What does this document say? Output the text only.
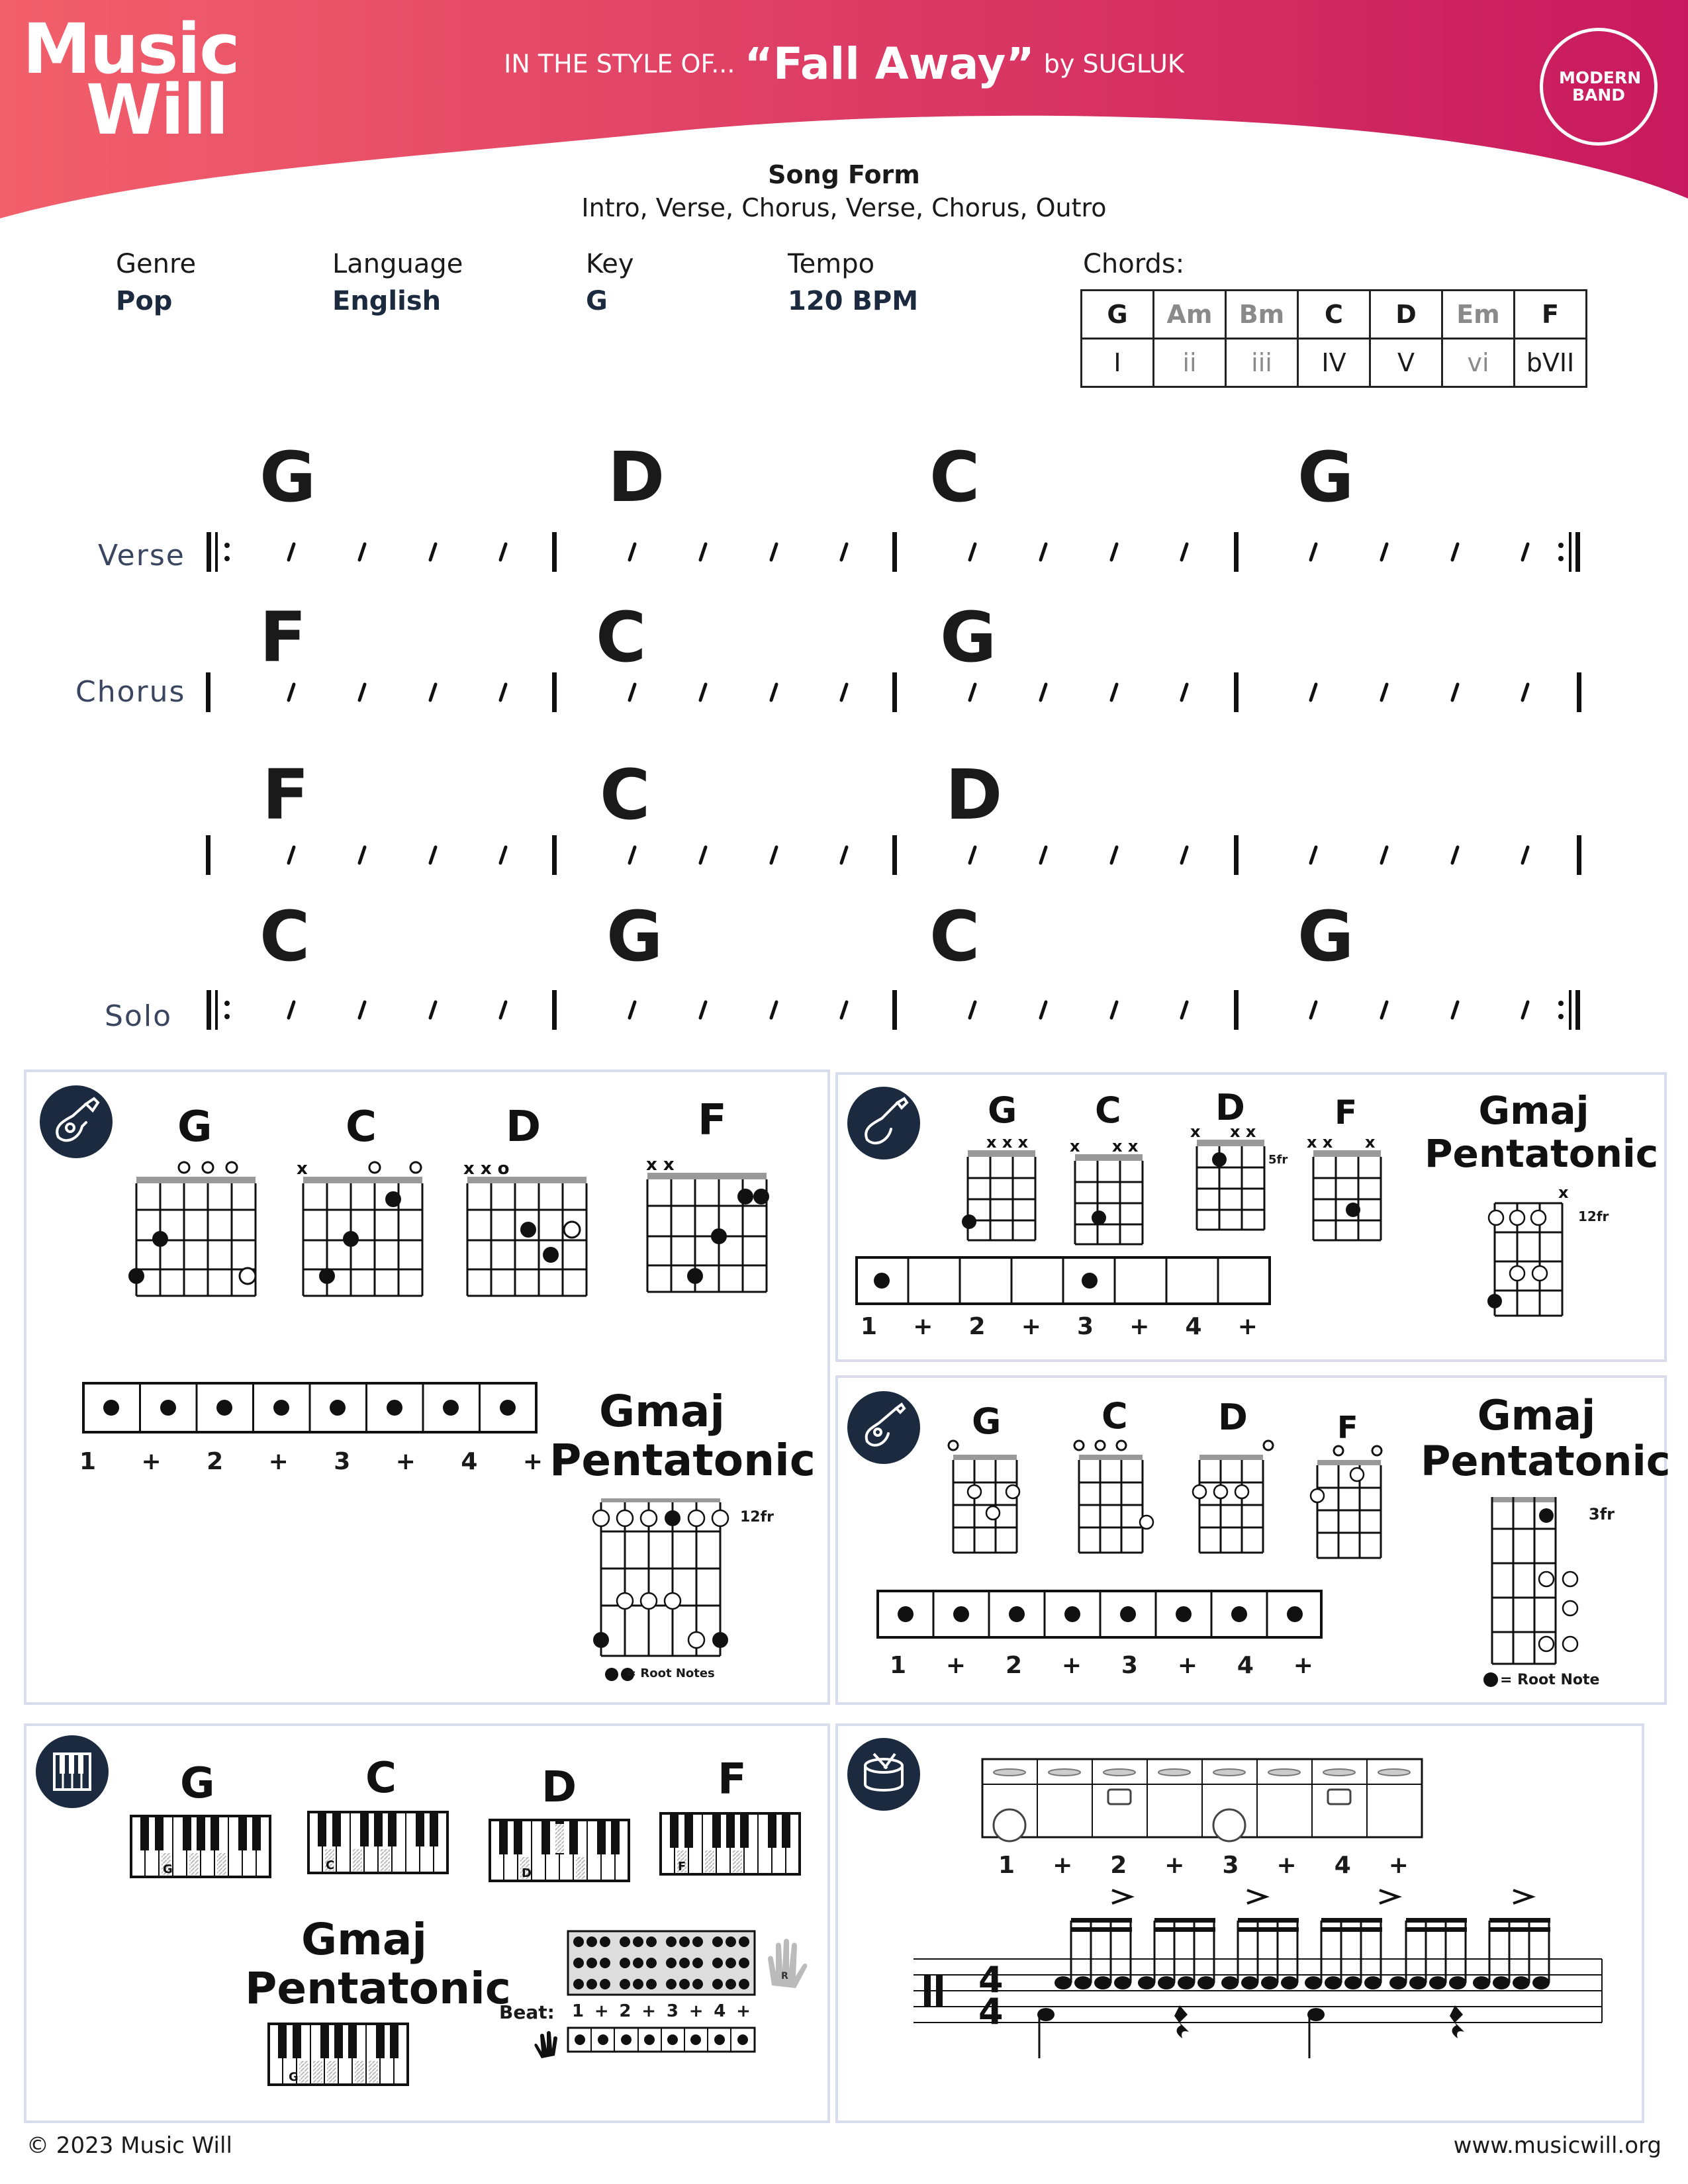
Music
Will
IN THE STYLE OF... “Fall Away” by SUGLUK	MODERN BAND
Song Form
Intro, Verse, Chorus, Verse, Chorus, Outro
Genre
Pop
Language
English
Key
G
Tempo
120 BPM
Chords:
G	Am	Bm	C	D	Em	F
I	ii	iii	IV	V	vi	bVII
G	D	C	G
Verse
F	C	G
Chorus
F	C	D
C	G	C	G
Solo
G	C	D	F
x	x x o	x x
1 + 2 + 3 + 4 +
Gmaj
Pentatonic
12fr
= Root Notes
G C	D	F
5fr
Gmaj
Pentatonic
12fr
x x x	x x x
x x x
x x x
x
1 + 2 + 3 + 4 +
G	C	D	F	Gmaj
Pentatonic
3fr
= Root Note
1 + 2 + 3 + 4 +
G	C	D	F
Gmaj
Pentatonic
Beat:
G	C
D	F
G
R
1 + 2 + 3 + 4 +
4
4
1 + 2 + 3 + 4 +
© 2023 Music Will	www.musicwill.org
